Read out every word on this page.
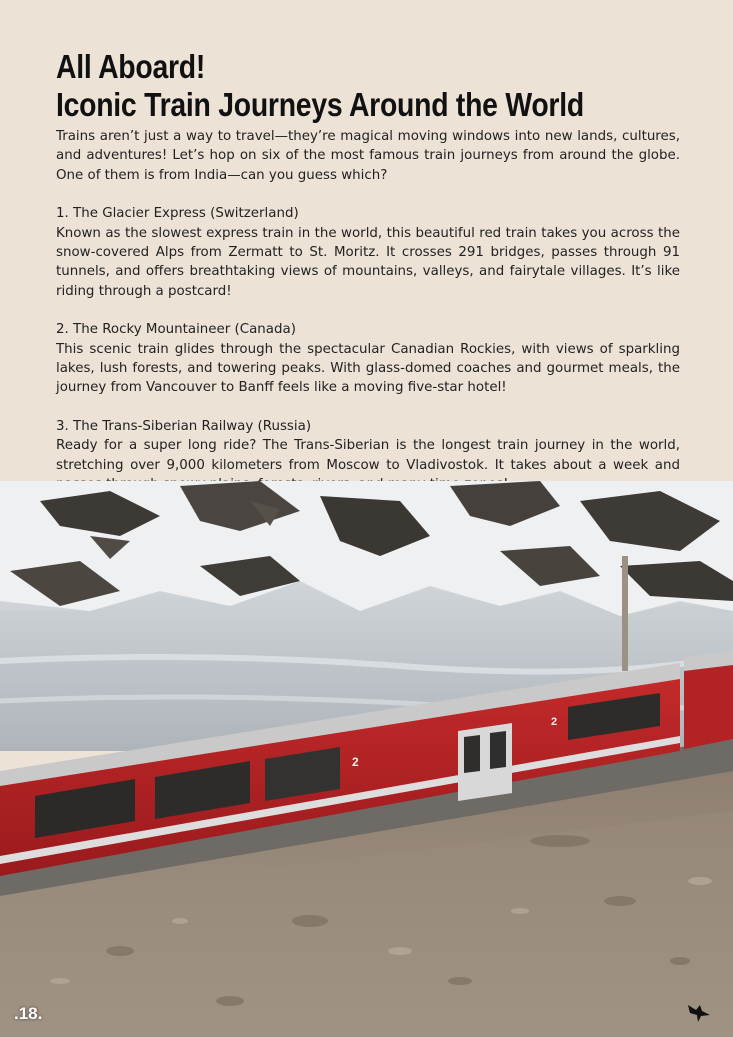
All Aboard!
Iconic Train Journeys Around the World

Trains aren’t just a way to travel—they’re magical moving windows into new lands, cultures, and adventures! Let’s hop on six of the most famous train journeys from around the globe. One of them is from India—can you guess which?

1. The Glacier Express (Switzerland)
Known as the slowest express train in the world, this beautiful red train takes you across the snow-covered Alps from Zermatt to St. Moritz. It crosses 291 bridges, passes through 91 tunnels, and offers breathtaking views of mountains, valleys, and fairytale villages. It’s like riding through a postcard!

2. The Rocky Mountaineer (Canada)
This scenic train glides through the spectacular Canadian Rockies, with views of sparkling lakes, lush forests, and towering peaks. With glass-domed coaches and gourmet meals, the journey from Vancouver to Banff feels like a moving five-star hotel!

3. The Trans-Siberian Railway (Russia)
Ready for a super long ride? The Trans-Siberian is the longest train journey in the world, stretching over 9,000 kilometers from Moscow to Vladivostok. It takes about a week and

2
2
.18.
